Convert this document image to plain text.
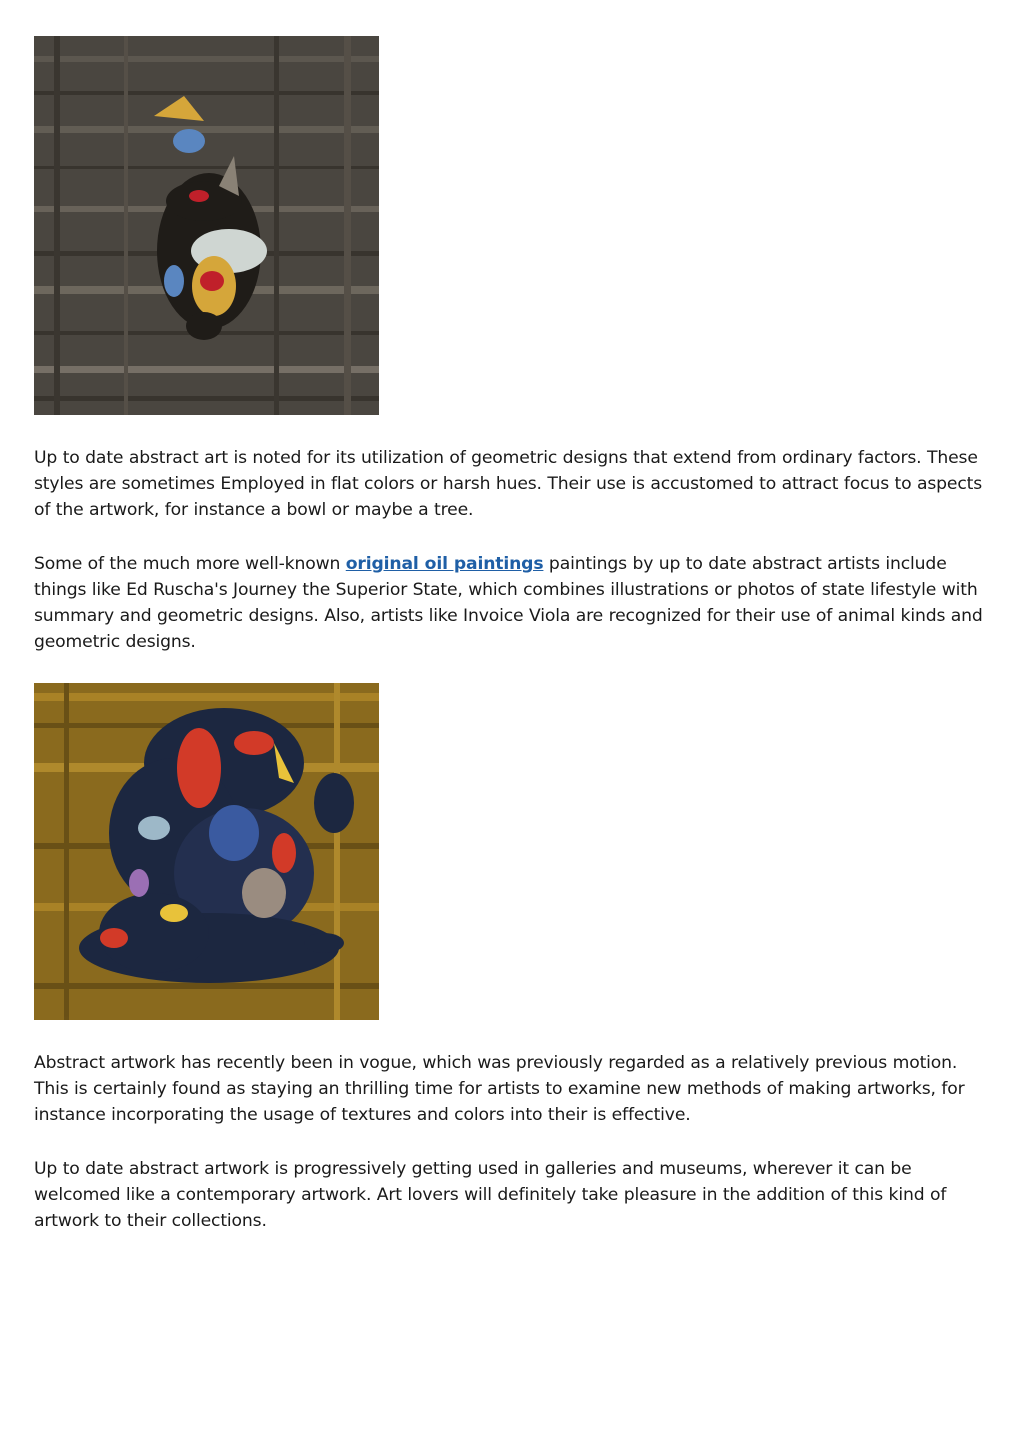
Up to date abstract art is noted for its utilization of geometric designs that extend from ordinary factors. These styles are sometimes Employed in flat colors or harsh hues. Their use is accustomed to attract focus to aspects of the artwork, for instance a bowl or maybe a tree.

Some of the much more well-known original oil paintings paintings by up to date abstract artists include things like Ed Ruscha's Journey the Superior State, which combines illustrations or photos of state lifestyle with summary and geometric designs. Also, artists like Invoice Viola are recognized for their use of animal kinds and geometric designs.

Abstract artwork has recently been in vogue, which was previously regarded as a relatively previous motion. This is certainly found as staying an thrilling time for artists to examine new methods of making artworks, for instance incorporating the usage of textures and colors into their is effective.

Up to date abstract artwork is progressively getting used in galleries and museums, wherever it can be welcomed like a contemporary artwork. Art lovers will definitely take pleasure in the addition of this kind of artwork to their collections.
